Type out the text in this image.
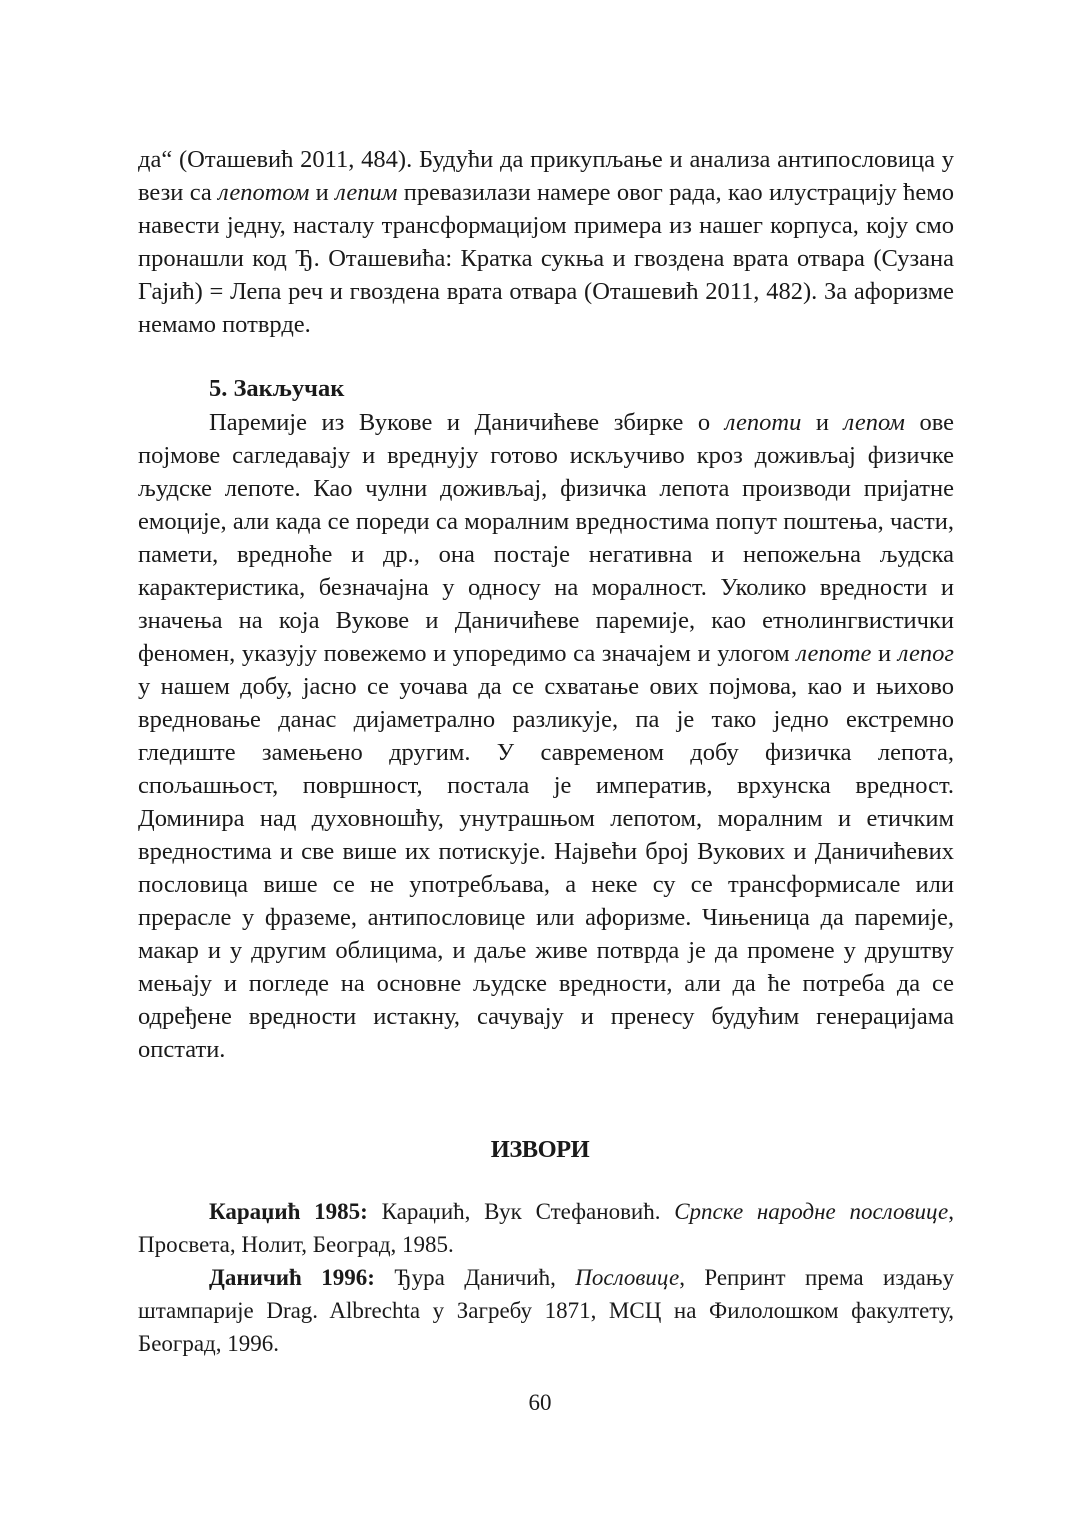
да“ (Оташевић 2011, 484). Будући да прикупљање и анализа антипословица у вези са лепотом и лепим превазилази намере овог рада, као илустрацију ћемо навести једну, насталу трансформацијом примера из нашег корпуса, коју смо пронашли код Ђ. Оташевића: Кратка сукња и гвоздена врата отвара (Сузана Гајић) = Лепа реч и гвоздена врата отвара (Оташевић 2011, 482). За афоризме немамо потврде.

5. Закључак

Паремије из Вукове и Даничићеве збирке о лепоти и лепом ове појмове сагледавају и вреднују готово искључиво кроз доживљај физичке људске лепоте. Као чулни доживљај, физичка лепота производи пријатне емоције, али када се пореди са моралним вредностима попут поштења, части, памети, вредноће и др., она постаје негативна и непожељна људска карактеристика, безначајна у односу на моралност. Уколико вредности и значења на која Вукове и Даничићеве паремије, као етнолингвистички феномен, указују повежемо и упоредимо са значајем и улогом лепоте и лепог у нашем добу, јасно се уочава да се схватање ових појмова, као и њихово вредновање данас дијаметрално разликује, па је тако једно екстремно гледиште замењено другим. У савременом добу физичка лепота, спољашњост, површност, постала је императив, врхунска вредност. Доминира над духовношћу, унутрашњом лепотом, моралним и етичким вредностима и све више их потискује. Највећи број Вукових и Даничићевих пословица више се не употребљава, а неке су се трансформисале или прерасле у фраземе, антипословице или афоризме. Чињеница да паремије, макар и у другим облицима, и даље живе потврда је да промене у друштву мењају и погледе на основне људске вредности, али да ће потреба да се одређене вредности истакну, сачувају и пренесу будућим генерацијама опстати.

ИЗВОРИ

Караџић 1985: Караџић, Вук Стефановић. Српске народне пословице, Просвета, Нолит, Београд, 1985.

Даничић 1996: Ђура Даничић, Пословице, Репринт према издању штампарије Drag. Albrechta у Загребу 1871, МСЦ на Филолошком факултету, Београд, 1996.

60
